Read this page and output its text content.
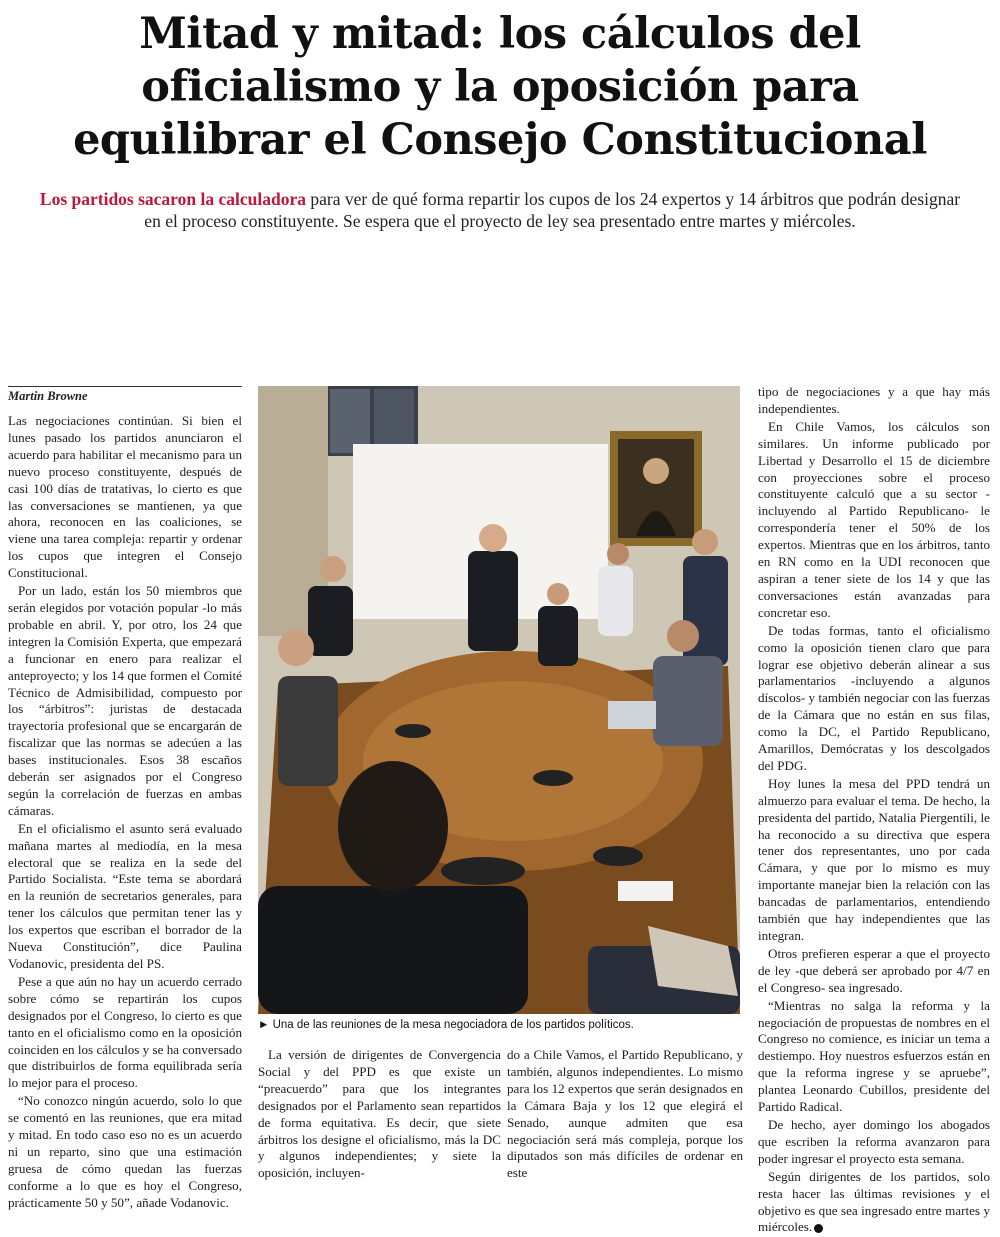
Mitad y mitad: los cálculos del
oficialismo y la oposición para
equilibrar el Consejo Constitucional
Los partidos sacaron la calculadora para ver de qué forma repartir los cupos de los 24 expertos y 14 árbitros que podrán designar en el proceso constituyente. Se espera que el proyecto de ley sea presentado entre martes y miércoles.
Martin Browne

Las negociaciones continúan. Si bien el lunes pasado los partidos anunciaron el acuerdo para habilitar el mecanismo para un nuevo proceso constituyente, después de casi 100 días de tratativas, lo cierto es que las conversaciones se mantienen, ya que ahora, reconocen en las coaliciones, se viene una tarea compleja: repartir y ordenar los cupos que integren el Consejo Constitucional.

Por un lado, están los 50 miembros que serán elegidos por votación popular -lo más probable en abril. Y, por otro, los 24 que integren la Comisión Experta, que empezará a funcionar en enero para realizar el anteproyecto; y los 14 que formen el Comité Técnico de Admisibilidad, compuesto por los “árbitros”: juristas de destacada trayectoria profesional que se encargarán de fiscalizar que las normas se adecúen a las bases institucionales. Esos 38 escaños deberán ser asignados por el Congreso según la correlación de fuerzas en ambas cámaras.

En el oficialismo el asunto será evaluado mañana martes al mediodía, en la mesa electoral que se realiza en la sede del Partido Socialista. “Este tema se abordará en la reunión de secretarios generales, para tener los cálculos que permitan tener las y los expertos que escriban el borrador de la Nueva Constitución”, dice Paulina Vodanovic, presidenta del PS.

Pese a que aún no hay un acuerdo cerrado sobre cómo se repartirán los cupos designados por el Congreso, lo cierto es que tanto en el oficialismo como en la oposición coinciden en los cálculos y se ha conversado que distribuirlos de forma equilibrada sería lo mejor para el proceso.

“No conozco ningún acuerdo, solo lo que se comentó en las reuniones, que era mitad y mitad. En todo caso eso no es un acuerdo ni un reparto, sino que una estimación gruesa de cómo quedan las fuerzas conforme a lo que es hoy el Congreso, prácticamente 50 y 50”, añade Vodanovic.

► Una de las reuniones de la mesa negociadora de los partidos políticos.

La versión de dirigentes de Convergencia Social y del PPD es que existe un “preacuerdo” para que los integrantes designados por el Parlamento sean repartidos de forma equitativa. Es decir, que siete árbitros los designe el oficialismo, más la DC y algunos independientes; y siete la oposición, incluyen-

do a Chile Vamos, el Partido Republicano, y también, algunos independientes. Lo mismo para los 12 expertos que serán designados en la Cámara Baja y los 12 que elegirá el Senado, aunque admiten que esa negociación será más compleja, porque los diputados son más difíciles de ordenar en este

tipo de negociaciones y a que hay más independientes.

En Chile Vamos, los cálculos son similares. Un informe publicado por Libertad y Desarrollo el 15 de diciembre con proyecciones sobre el proceso constituyente calculó que a su sector -incluyendo al Partido Republicano- le correspondería tener el 50% de los expertos. Mientras que en los árbitros, tanto en RN como en la UDI reconocen que aspiran a tener siete de los 14 y que las conversaciones están avanzadas para concretar eso.

De todas formas, tanto el oficialismo como la oposición tienen claro que para lograr ese objetivo deberán alinear a sus parlamentarios -incluyendo a algunos díscolos- y también negociar con las fuerzas de la Cámara que no están en sus filas, como la DC, el Partido Republicano, Amarillos, Demócratas y los descolgados del PDG.

Hoy lunes la mesa del PPD tendrá un almuerzo para evaluar el tema. De hecho, la presidenta del partido, Natalia Piergentili, le ha reconocido a su directiva que espera tener dos representantes, uno por cada Cámara, y que por lo mismo es muy importante manejar bien la relación con las bancadas de parlamentarios, entendiendo también que hay independientes que las integran.

Otros prefieren esperar a que el proyecto de ley -que deberá ser aprobado por 4/7 en el Congreso- sea ingresado.

“Mientras no salga la reforma y la negociación de propuestas de nombres en el Congreso no comience, es iniciar un tema a destiempo. Hoy nuestros esfuerzos están en que la reforma ingrese y se apruebe”, plantea Leonardo Cubillos, presidente del Partido Radical.

De hecho, ayer domingo los abogados que escriben la reforma avanzaron para poder ingresar el proyecto esta semana.

Según dirigentes de los partidos, solo resta hacer las últimas revisiones y el objetivo es que sea ingresado entre martes y miércoles.
